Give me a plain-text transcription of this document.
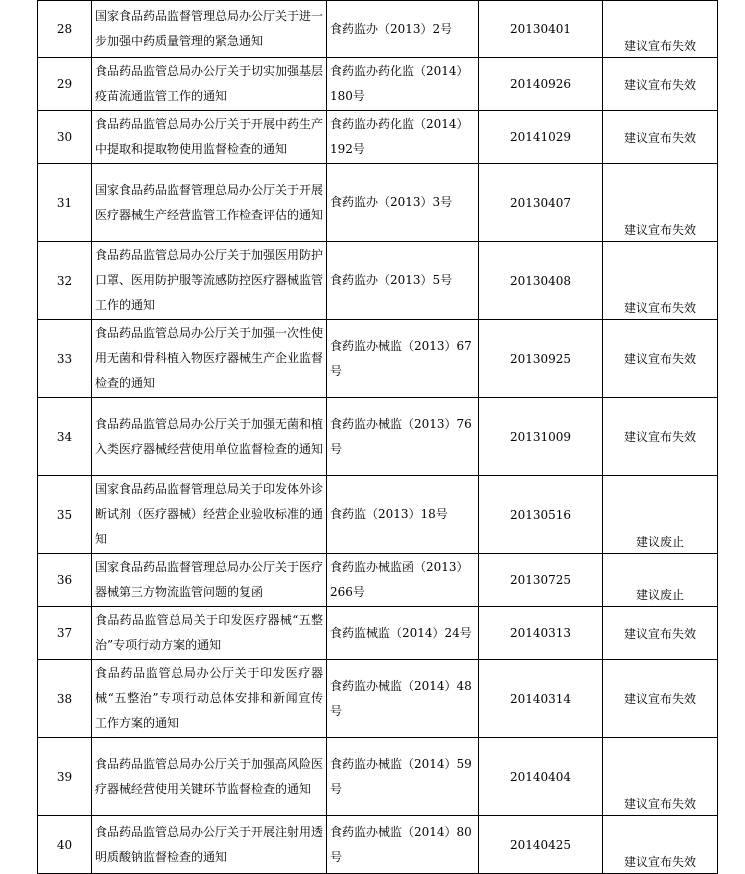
28	国家食品药品监督管理总局办公厅关于进一步加强中药质量管理的紧急通知	食药监办（2013）2号	20130401	建议宣布失效

29	食品药品监管总局办公厅关于切实加强基层疫苗流通监管工作的通知	食药监办药化监（2014）180号	20140926	建议宣布失效

30	食品药品监管总局办公厅关于开展中药生产中提取和提取物使用监督检查的通知	食药监办药化监（2014）192号	20141029	建议宣布失效

31	国家食品药品监督管理总局办公厅关于开展医疗器械生产经营监管工作检查评估的通知	食药监办（2013）3号	20130407	建议宣布失效

32	食品药品监管总局办公厅关于加强医用防护口罩、医用防护服等流感防控医疗器械监管工作的通知	食药监办（2013）5号	20130408	建议宣布失效

33	食品药品监管总局办公厅关于加强一次性使用无菌和骨科植入物医疗器械生产企业监督检查的通知	食药监办械监（2013）67号	20130925	建议宣布失效

34	食品药品监管总局办公厅关于加强无菌和植入类医疗器械经营使用单位监督检查的通知	食药监办械监（2013）76号	20131009	建议宣布失效

35	国家食品药品监督管理总局关于印发体外诊断试剂（医疗器械）经营企业验收标准的通知	食药监（2013）18号	20130516	建议废止

36	国家食品药品监督管理总局办公厅关于医疗器械第三方物流监管问题的复函	食药监办械监函（2013）266号	20130725	建议废止

37	食品药品监管总局关于印发医疗器械“五整治”专项行动方案的通知	食药监械监（2014）24号	20140313	建议宣布失效

38	食品药品监管总局办公厅关于印发医疗器械“五整治”专项行动总体安排和新闻宣传工作方案的通知	食药监办械监（2014）48号	20140314	建议宣布失效

39	食品药品监管总局办公厅关于加强高风险医疗器械经营使用关键环节监督检查的通知	食药监办械监（2014）59号	20140404	建议宣布失效

40	食品药品监管总局办公厅关于开展注射用透明质酸钠监督检查的通知	食药监办械监（2014）80号	20140425	建议宣布失效
